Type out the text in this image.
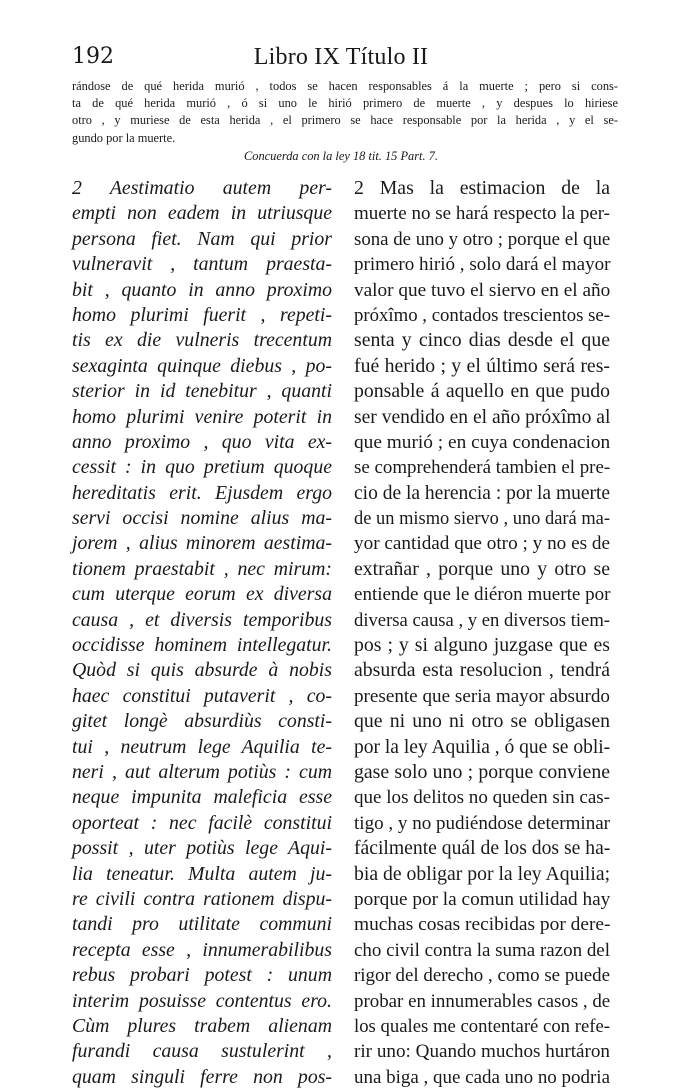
192	Libro IX Título II
rándose de qué herida murió , todos se hacen responsables á la muerte ; pero si cons-
ta de qué herida murió , ó si uno le hirió primero de muerte , y despues lo hiriese
otro , y muriese de esta herida , el primero se hace responsable por la herida , y el se-
gundo por la muerte.
Concuerda con la ley 18 tit. 15 Part. 7.
2 Aestimatio autem per-
empti non eadem in utriusque
persona fiet. Nam qui prior
vulneravit , tantum praesta-
bit , quanto in anno proximo
homo plurimi fuerit , repeti-
tis ex die vulneris trecentum
sexaginta quinque diebus , po-
sterior in id tenebitur , quanti
homo plurimi venire poterit in
anno proximo , quo vita ex-
cessit : in quo pretium quoque
hereditatis erit. Ejusdem ergo
servi occisi nomine alius ma-
jorem , alius minorem aestima-
tionem praestabit , nec mirum:
cum uterque eorum ex diversa
causa , et diversis temporibus
occidisse hominem intellegatur.
Quòd si quis absurde à nobis
haec constitui putaverit , co-
gitet longè absurdiùs consti-
tui , neutrum lege Aquilia te-
neri , aut alterum potiùs : cum
neque impunita maleficia esse
oporteat : nec facilè constitui
possit , uter potiùs lege Aqui-
lia teneatur. Multa autem ju-
re civili contra rationem dispu-
tandi pro utilitate communi
recepta esse , innumerabilibus
rebus probari potest : unum
interim posuisse contentus ero.
Cùm plures trabem alienam
furandi causa sustulerint ,
quam singuli ferre non pos-
2 Mas la estimacion de la
muerte no se hará respecto la per-
sona de uno y otro ; porque el que
primero hirió , solo dará el mayor
valor que tuvo el siervo en el año
próxîmo , contados trescientos se-
senta y cinco dias desde el que
fué herido ; y el último será res-
ponsable á aquello en que pudo
ser vendido en el año próxîmo al
que murió ; en cuya condenacion
se comprehenderá tambien el pre-
cio de la herencia : por la muerte
de un mismo siervo , uno dará ma-
yor cantidad que otro ; y no es de
extrañar , porque uno y otro se
entiende que le diéron muerte por
diversa causa , y en diversos tiem-
pos ; y si alguno juzgase que es
absurda esta resolucion , tendrá
presente que seria mayor absurdo
que ni uno ni otro se obligasen
por la ley Aquilia , ó que se obli-
gase solo uno ; porque conviene
que los delitos no queden sin cas-
tigo , y no pudiéndose determinar
fácilmente quál de los dos se ha-
bia de obligar por la ley Aquilia;
porque por la comun utilidad hay
muchas cosas recibidas por dere-
cho civil contra la suma razon del
rigor del derecho , como se puede
probar en innumerables casos , de
los quales me contentaré con refe-
rir uno: Quando muchos hurtáron
una biga , que cada uno no podria
